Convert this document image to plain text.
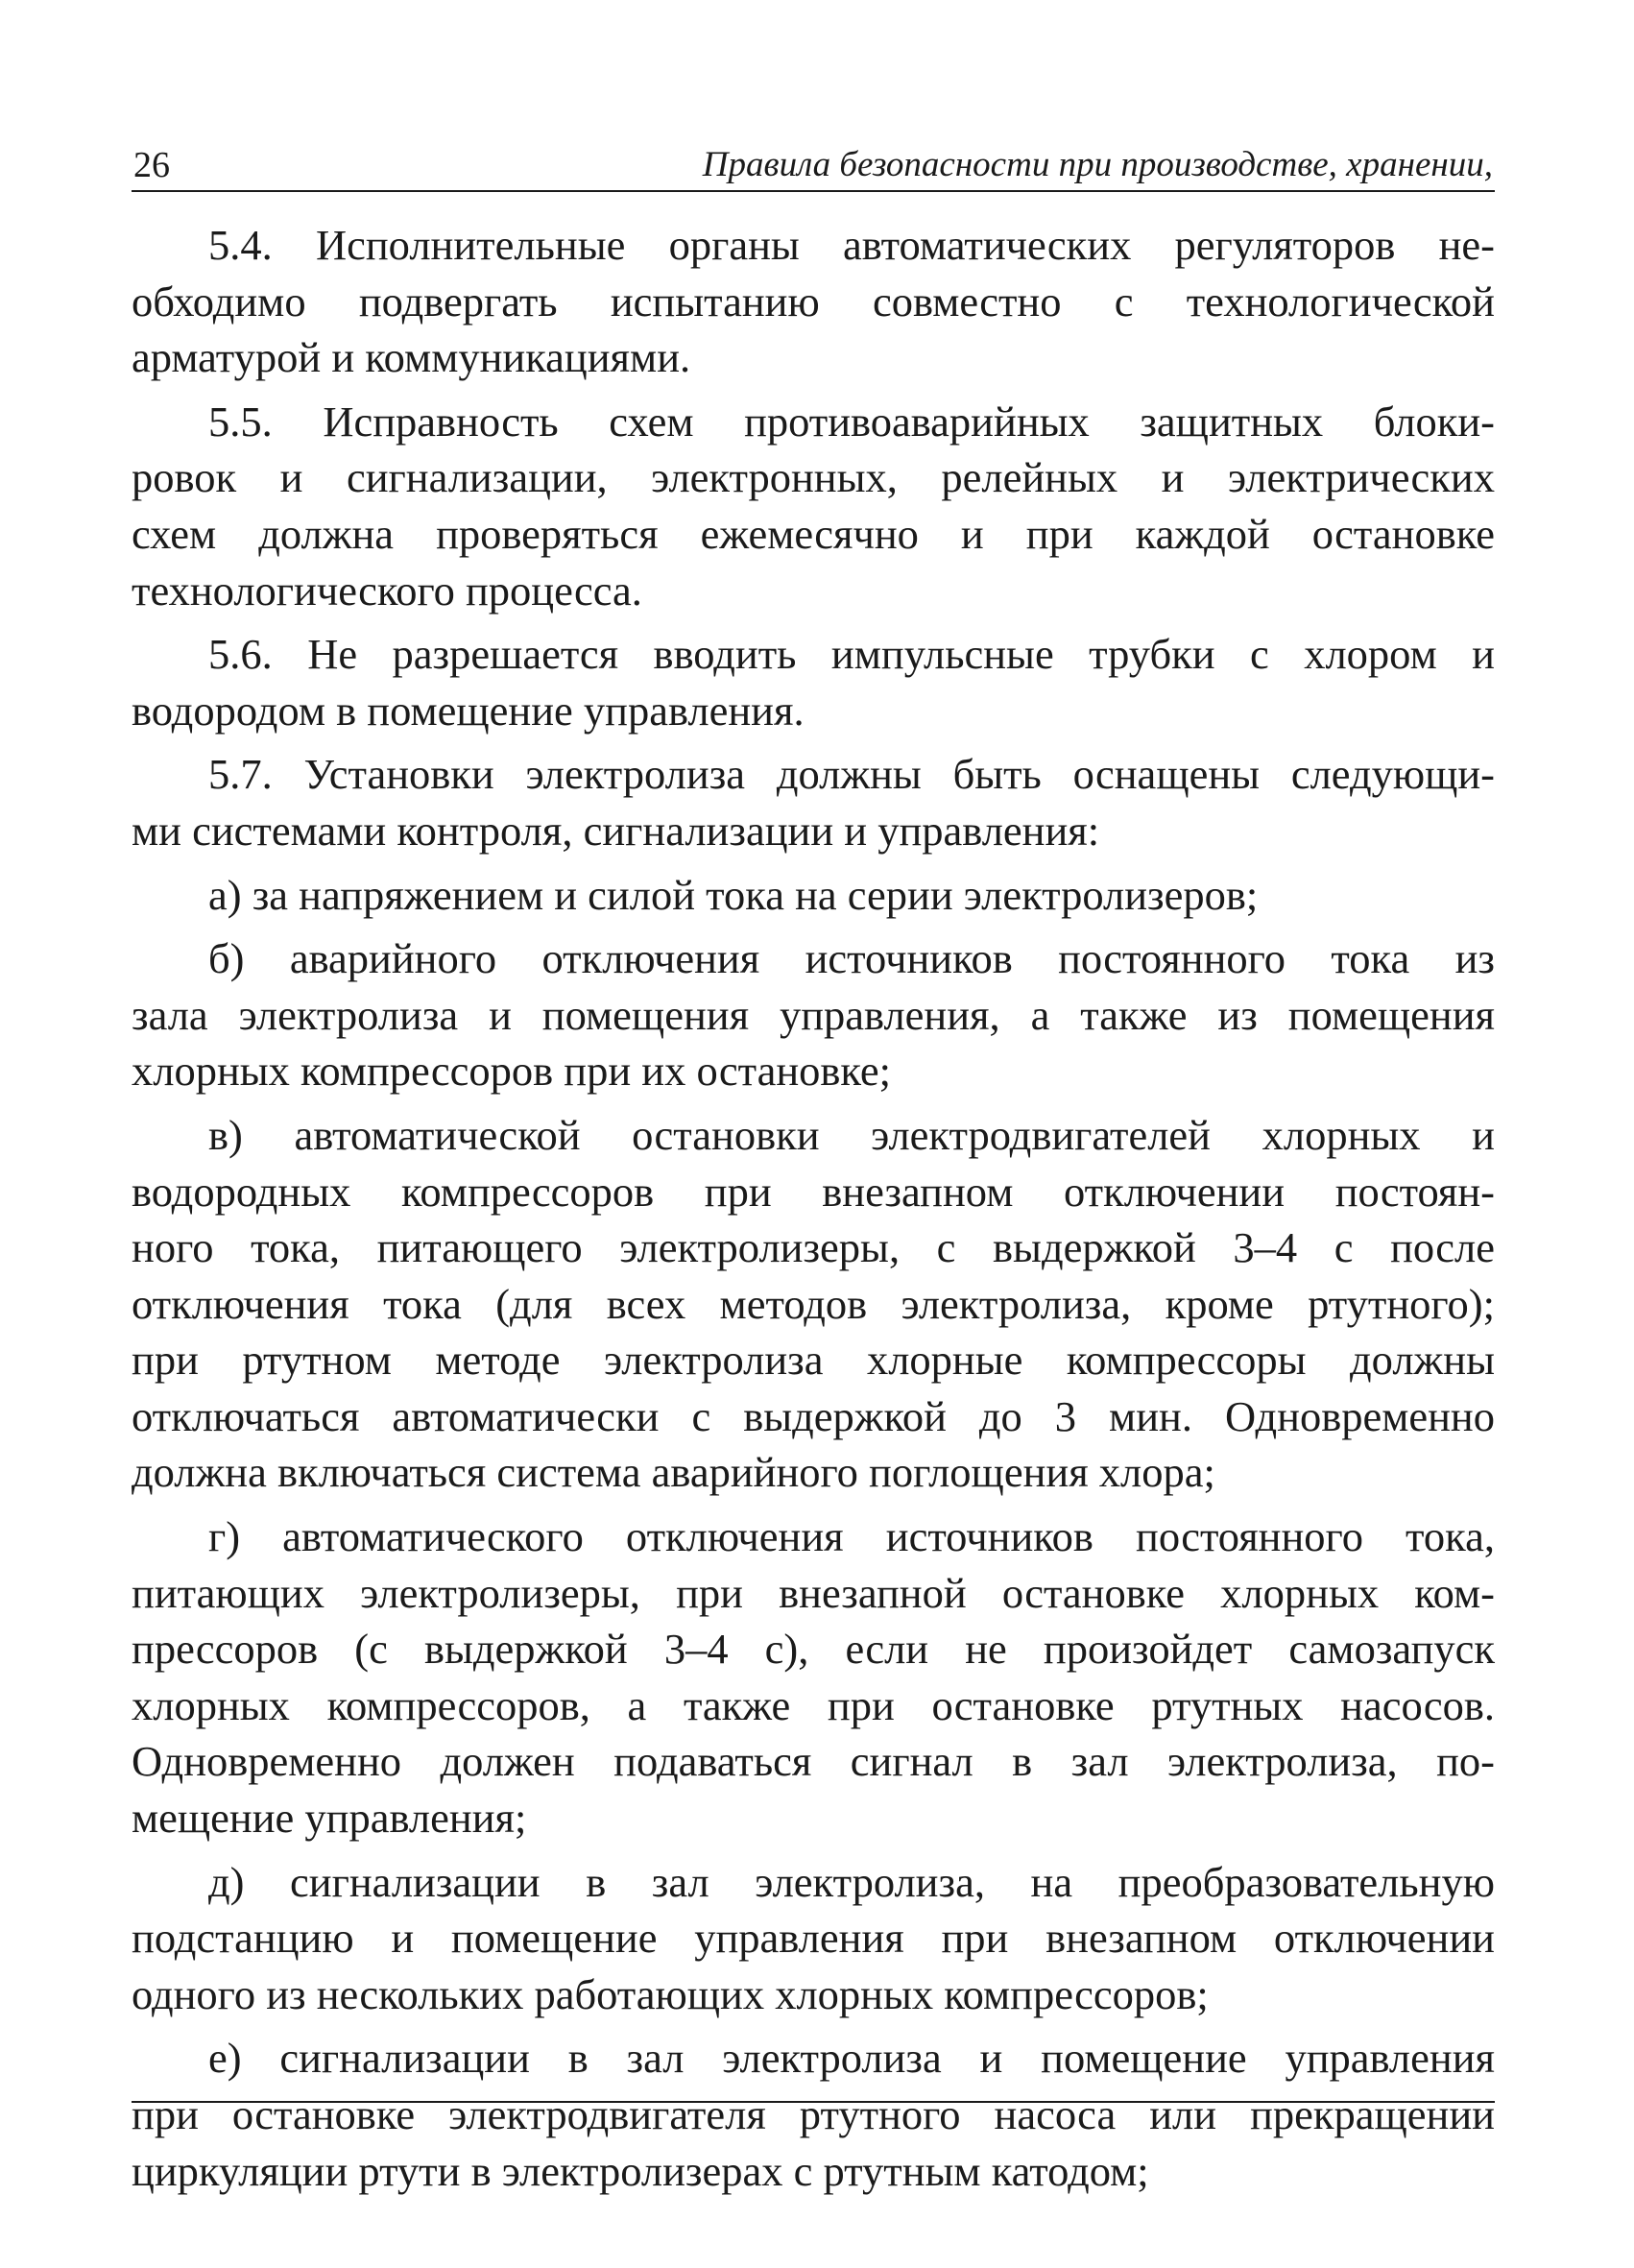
26	Правила безопасности при производстве, хранении,

5.4. Исполнительные органы автоматических регуляторов не-
обходимо подвергать испытанию совместно с технологической
арматурой и коммуникациями.

5.5. Исправность схем противоаварийных защитных блоки-
ровок и сигнализации, электронных, релейных и электрических
схем должна проверяться ежемесячно и при каждой остановке
технологического процесса.

5.6. Не разрешается вводить импульсные трубки с хлором и
водородом в помещение управления.

5.7. Установки электролиза должны быть оснащены следующи-
ми системами контроля, сигнализации и управления:

а) за напряжением и силой тока на серии электролизеров;

б) аварийного отключения источников постоянного тока из
зала электролиза и помещения управления, а также из помещения
хлорных компрессоров при их остановке;

в) автоматической остановки электродвигателей хлорных и
водородных компрессоров при внезапном отключении постоян-
ного тока, питающего электролизеры, с выдержкой 3–4 с после
отключения тока (для всех методов электролиза, кроме ртутного);
при ртутном методе электролиза хлорные компрессоры должны
отключаться автоматически с выдержкой до 3 мин. Одновременно
должна включаться система аварийного поглощения хлора;

г) автоматического отключения источников постоянного тока,
питающих электролизеры, при внезапной остановке хлорных ком-
прессоров (с выдержкой 3–4 с), если не произойдет самозапуск
хлорных компрессоров, а также при остановке ртутных насосов.
Одновременно должен подаваться сигнал в зал электролиза, по-
мещение управления;

д) сигнализации в зал электролиза, на преобразовательную
подстанцию и помещение управления при внезапном отключении
одного из нескольких работающих хлорных компрессоров;

е) сигнализации в зал электролиза и помещение управления
при остановке электродвигателя ртутного насоса или прекращении
циркуляции ртути в электролизерах с ртутным катодом;
